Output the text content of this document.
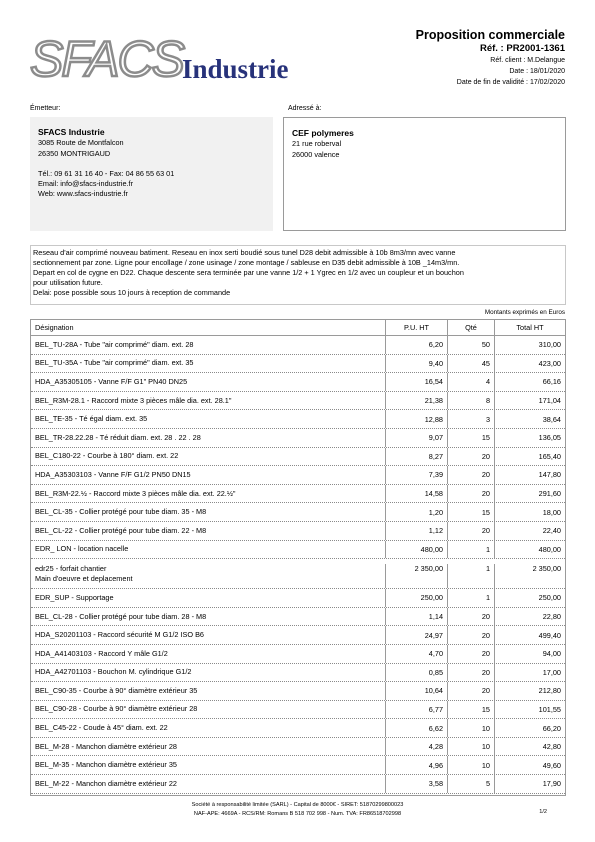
SFACS Industrie
Proposition commerciale
Réf. : PR2001-1361
Réf. client : M.Delangue
Date : 18/01/2020
Date de fin de validité : 17/02/2020
Émetteur:	Adressé à:
SFACS Industrie
3085 Route de Montfalcon
26350 MONTRIGAUD
Tél.: 09 61 31 16 40 - Fax: 04 86 55 63 01
Email: info@sfacs-industrie.fr
Web: www.sfacs-industrie.fr
CEF polymeres
21 rue roberval
26000 valence
Reseau d'air comprimé nouveau batiment. Reseau en inox serti boudié sous tunel D28 debit admissible à 10b 8m3/mn avec vanne
sectionnement par zone. Ligne pour encollage / zone usinage / zone montage / sableuse en D35 debit admissible à 10B _14m3/mn.
Depart en col de cygne en D22. Chaque descente sera terminée par une vanne 1/2 + 1 Ygrec en 1/2 avec un coupleur et un bouchon
pour utilisation future.
Delai: pose possible sous 10 jours à reception de commande
Montants exprimés en Euros
Désignation	P.U. HT	Qté	Total HT
BEL_TU-28A - Tube "air comprimé" diam. ext. 28	6,20	50	310,00
BEL_TU-35A - Tube "air comprimé" diam. ext. 35	9,40	45	423,00
HDA_A35305105 - Vanne F/F G1" PN40 DN25	16,54	4	66,16
BEL_R3M-28.1 - Raccord mixte 3 pièces mâle dia. ext. 28.1"	21,38	8	171,04
BEL_TE-35 - Té égal diam. ext. 35	12,88	3	38,64
BEL_TR-28.22.28 - Té réduit diam. ext. 28 . 22 . 28	9,07	15	136,05
BEL_C180-22 - Courbe à 180° diam. ext. 22	8,27	20	165,40
HDA_A35303103 - Vanne F/F G1/2 PN50 DN15	7,39	20	147,80
BEL_R3M-22.½ - Raccord mixte 3 pièces mâle dia. ext. 22.½"	14,58	20	291,60
BEL_CL-35 - Collier protégé pour tube diam. 35 - M8	1,20	15	18,00
BEL_CL-22 - Collier protégé pour tube diam. 22 - M8	1,12	20	22,40
EDR_ LON - location nacelle	480,00	1	480,00
edr25 - forfait chantier
Main d'oeuvre et deplacement
2 350,00	1	2 350,00
EDR_SUP - Supportage	250,00	1	250,00
BEL_CL-28 - Collier protégé pour tube diam. 28 - M8	1,14	20	22,80
HDA_S20201103 - Raccord sécurité M G1/2 ISO B6	24,97	20	499,40
HDA_A41403103 - Raccord Y mâle G1/2	4,70	20	94,00
HDA_A42701103 - Bouchon M. cylindrique G1/2	0,85	20	17,00
BEL_C90-35 - Courbe à 90° diamètre extérieur 35	10,64	20	212,80
BEL_C90-28 - Courbe à 90° diamètre extérieur 28	6,77	15	101,55
BEL_C45-22 - Coude à 45° diam. ext. 22	6,62	10	66,20
BEL_M-28 - Manchon diamètre extérieur 28	4,28	10	42,80
BEL_M-35 - Manchon diamètre extérieur 35	4,96	10	49,60
BEL_M-22 - Manchon diamètre extérieur 22	3,58	5	17,90
Société à responsabilité limitée (SARL) - Capital de 8000€ - SIRET: 51870299800023
NAF-APE: 4669A - RCS/RM: Romans B 518 702 998 - Num. TVA: FR86518702998	1/2
